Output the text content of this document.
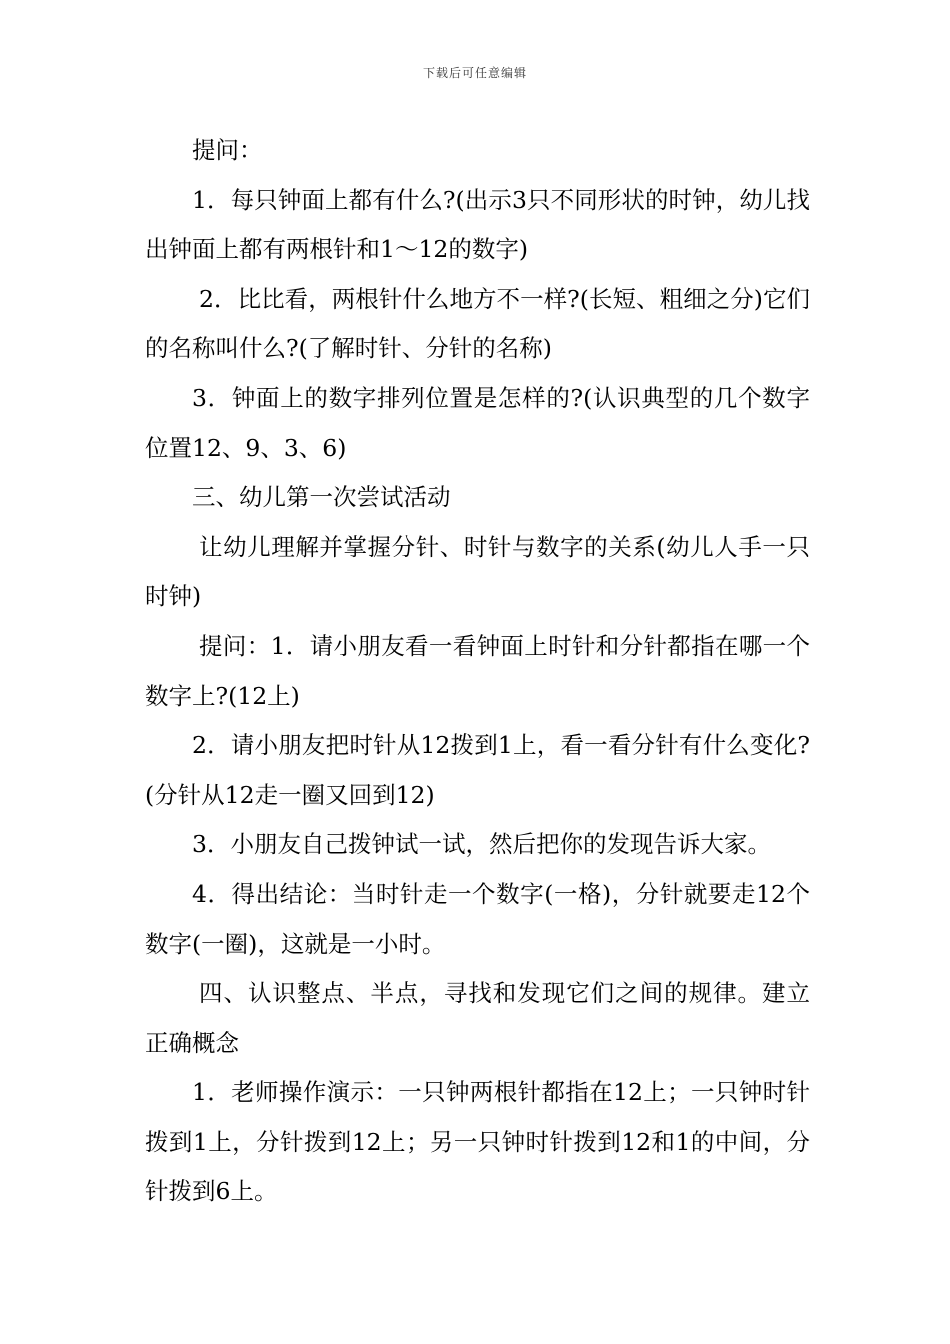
下载后可任意编辑

提问：

1．每只钟面上都有什么?(出示3只不同形状的时钟，幼儿找出钟面上都有两根针和1～12的数字)

2．比比看，两根针什么地方不一样?(长短、粗细之分)它们的名称叫什么?(了解时针、分针的名称)

3．钟面上的数字排列位置是怎样的?(认识典型的几个数字位置12、9、3、6)

三、幼儿第一次尝试活动

让幼儿理解并掌握分针、时针与数字的关系(幼儿人手一只时钟)

提问：1．请小朋友看一看钟面上时针和分针都指在哪一个数字上?(12上)

2．请小朋友把时针从12拨到1上，看一看分针有什么变化?(分针从12走一圈又回到12)

3．小朋友自己拨钟试一试，然后把你的发现告诉大家。

4．得出结论：当时针走一个数字(一格)，分针就要走12个数字(一圈)，这就是一小时。

四、认识整点、半点，寻找和发现它们之间的规律。建立正确概念

1．老师操作演示：一只钟两根针都指在12上；一只钟时针拨到1上，分针拨到12上；另一只钟时针拨到12和1的中间，分针拨到6上。
